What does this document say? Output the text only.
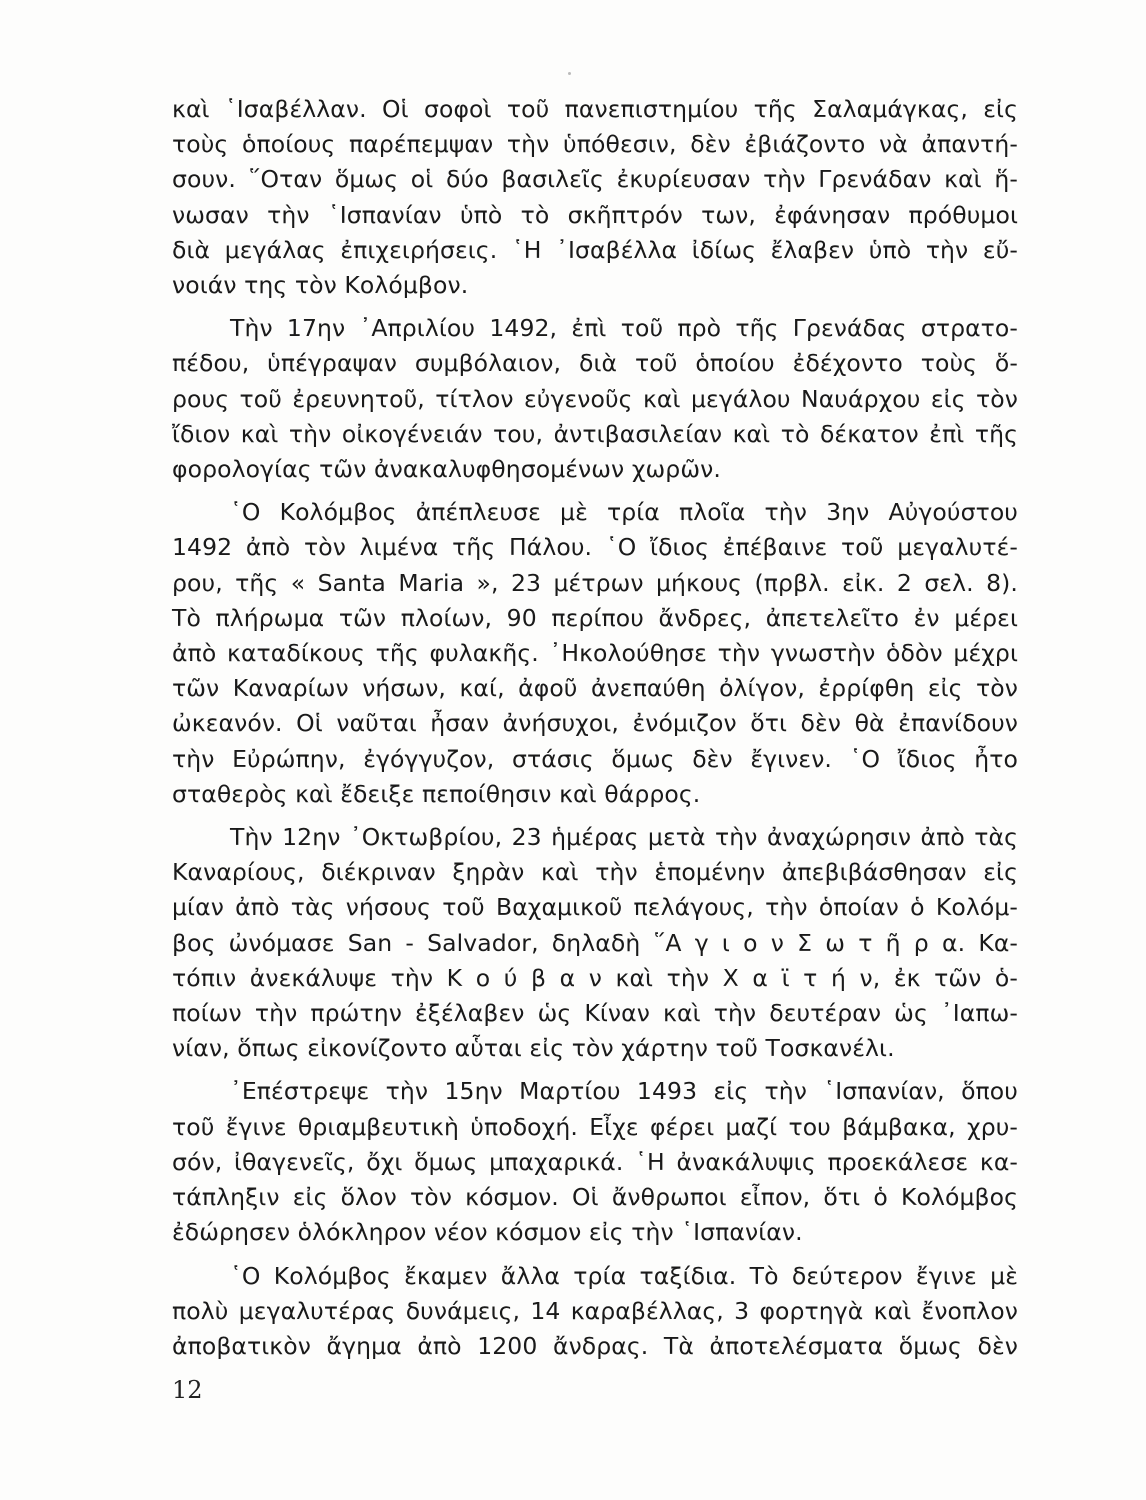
καὶ ῾Ισαβέλλαν. Οἱ σοφοὶ τοῦ πανεπιστημίου τῆς Σαλαμάγκας, εἰς
τοὺς ὁποίους παρέπεμψαν τὴν ὑπόθεσιν, δὲν ἐβιάζοντο νὰ ἀπαντή-
σουν. ῞Οταν ὅμως οἱ δύο βασιλεῖς ἐκυρίευσαν τὴν Γρενάδαν καὶ ἥ-
νωσαν τὴν ῾Ισπανίαν ὑπὸ τὸ σκῆπτρόν των, ἐφάνησαν πρόθυμοι
διὰ μεγάλας ἐπιχειρήσεις. ῾Η ᾿Ισαβέλλα ἰδίως ἔλαβεν ὑπὸ τὴν εὔ-
νοιάν της τὸν Κολόμβον.

Τὴν 17ην ᾿Απριλίου 1492, ἐπὶ τοῦ πρὸ τῆς Γρενάδας στρατο-
πέδου, ὑπέγραψαν συμβόλαιον, διὰ τοῦ ὁποίου ἐδέχοντο τοὺς ὅ-
ρους τοῦ ἐρευνητοῦ, τίτλον εὐγενοῦς καὶ μεγάλου Ναυάρχου εἰς τὸν
ἴδιον καὶ τὴν οἰκογένειάν του, ἀντιβασιλείαν καὶ τὸ δέκατον ἐπὶ τῆς
φορολογίας τῶν ἀνακαλυφθησομένων χωρῶν.

῾Ο Κολόμβος ἀπέπλευσε μὲ τρία πλοῖα τὴν 3ην Αὐγούστου
1492 ἀπὸ τὸν λιμένα τῆς Πάλου. ῾Ο ἴδιος ἐπέβαινε τοῦ μεγαλυτέ-
ρου, τῆς « Santa Maria », 23 μέτρων μήκους (πρβλ. εἰκ. 2 σελ. 8).
Τὸ πλήρωμα τῶν πλοίων, 90 περίπου ἄνδρες, ἀπετελεῖτο ἐν μέρει
ἀπὸ καταδίκους τῆς φυλακῆς. ᾿Ηκολούθησε τὴν γνωστὴν ὁδὸν μέχρι
τῶν Καναρίων νήσων, καί, ἀφοῦ ἀνεπαύθη ὀλίγον, ἐρρίφθη εἰς τὸν
ὠκεανόν. Οἱ ναῦται ἦσαν ἀνήσυχοι, ἐνόμιζον ὅτι δὲν θὰ ἐπανίδουν
τὴν Εὐρώπην, ἐγόγγυζον, στάσις ὅμως δὲν ἔγινεν. ῾Ο ἴδιος ἦτο
σταθερὸς καὶ ἔδειξε πεποίθησιν καὶ θάρρος.

Τὴν 12ην ᾿Οκτωβρίου, 23 ἡμέρας μετὰ τὴν ἀναχώρησιν ἀπὸ τὰς
Καναρίους, διέκριναν ξηρὰν καὶ τὴν ἑπομένην ἀπεβιβάσθησαν εἰς
μίαν ἀπὸ τὰς νήσους τοῦ Βαχαμικοῦ πελάγους, τὴν ὁποίαν ὁ Κολόμ-
βος ὠνόμασε San - Salvador, δηλαδὴ ῞Α γ ι ο ν Σ ω τ ῆ ρ α. Κα-
τόπιν ἀνεκάλυψε τὴν Κ ο ύ β α ν καὶ τὴν Χ α ϊ τ ή ν, ἐκ τῶν ὁ-
ποίων τὴν πρώτην ἐξέλαβεν ὡς Κίναν καὶ τὴν δευτέραν ὡς ᾿Ιαπω-
νίαν, ὅπως εἰκονίζοντο αὗται εἰς τὸν χάρτην τοῦ Τοσκανέλι.

᾿Επέστρεψε τὴν 15ην Μαρτίου 1493 εἰς τὴν ῾Ισπανίαν, ὅπου
τοῦ ἔγινε θριαμβευτικὴ ὑποδοχή. Εἶχε φέρει μαζί του βάμβακα, χρυ-
σόν, ἰθαγενεῖς, ὄχι ὅμως μπαχαρικά. ῾Η ἀνακάλυψις προεκάλεσε κα-
τάπληξιν εἰς ὅλον τὸν κόσμον. Οἱ ἄνθρωποι εἶπον, ὅτι ὁ Κολόμβος
ἐδώρησεν ὁλόκληρον νέον κόσμον εἰς τὴν ῾Ισπανίαν.

῾Ο Κολόμβος ἔκαμεν ἄλλα τρία ταξίδια. Τὸ δεύτερον ἔγινε μὲ
πολὺ μεγαλυτέρας δυνάμεις, 14 καραβέλλας, 3 φορτηγὰ καὶ ἔνοπλον
ἀποβατικὸν ἄγημα ἀπὸ 1200 ἄνδρας. Τὰ ἀποτελέσματα ὅμως δὲν

12
